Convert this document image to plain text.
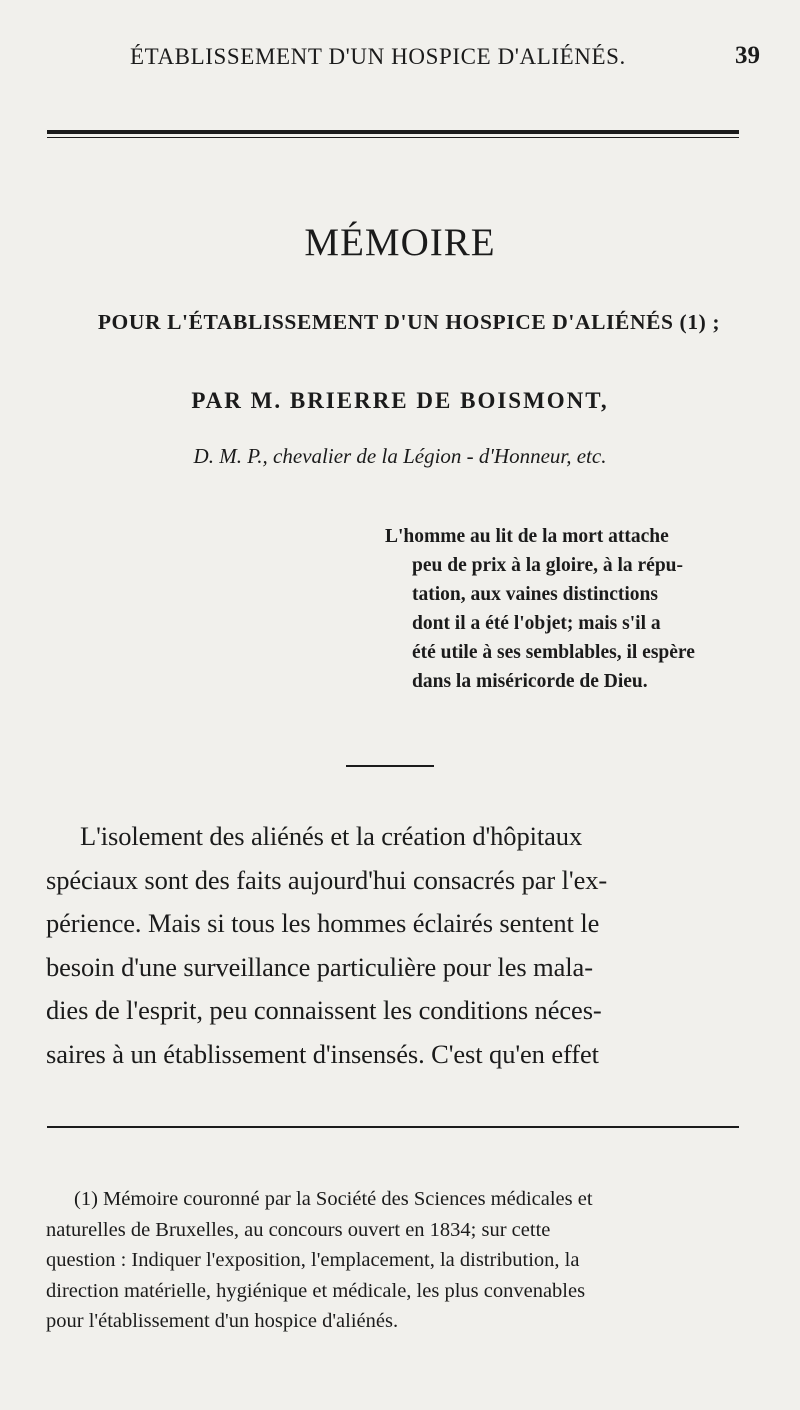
ÉTABLISSEMENT D'UN HOSPICE D'ALIÉNÉS.	39
MÉMOIRE
POUR L'ÉTABLISSEMENT D'UN HOSPICE D'ALIÉNÉS (1) ;
PAR M. BRIERRE DE BOISMONT,
D. M. P., chevalier de la Légion - d'Honneur, etc.
L'homme au lit de la mort attache
peu de prix à la gloire, à la répu-
tation, aux vaines distinctions
dont il a été l'objet; mais s'il a
été utile à ses semblables, il espère
dans la miséricorde de Dieu.
L'isolement des aliénés et la création d'hôpitaux
spéciaux sont des faits aujourd'hui consacrés par l'ex-
périence. Mais si tous les hommes éclairés sentent le
besoin d'une surveillance particulière pour les mala-
dies de l'esprit, peu connaissent les conditions néces-
saires à un établissement d'insensés. C'est qu'en effet
(1) Mémoire couronné par la Société des Sciences médicales et
naturelles de Bruxelles, au concours ouvert en 1834; sur cette
question : Indiquer l'exposition, l'emplacement, la distribution, la
direction matérielle, hygiénique et médicale, les plus convenables
pour l'établissement d'un hospice d'aliénés.
